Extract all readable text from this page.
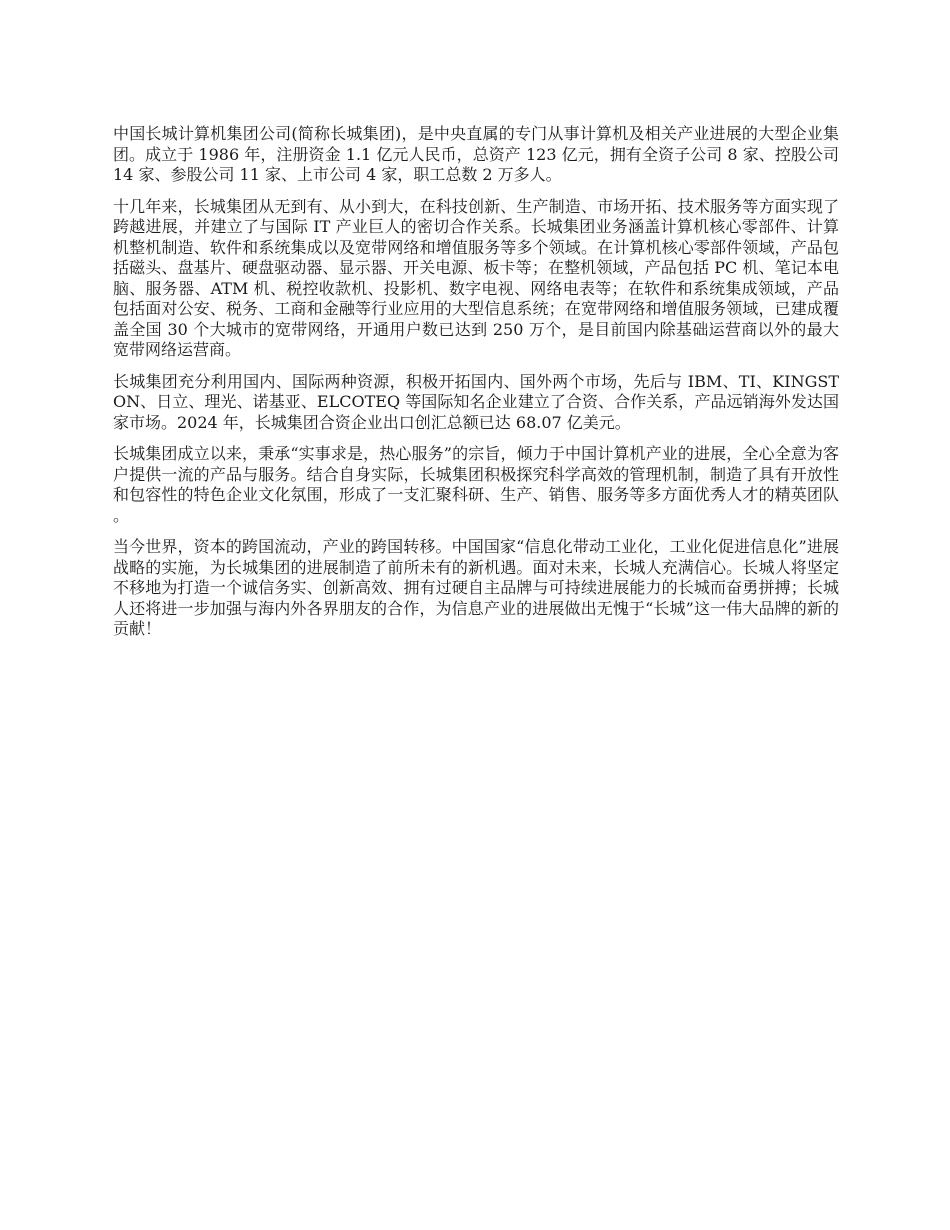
中国长城计算机集团公司(简称长城集团)，是中央直属的专门从事计算机及相关产业进展的大型企业集团。成立于 1986 年，注册资金 1.1 亿元人民币，总资产 123 亿元，拥有全资子公司 8 家、控股公司 14 家、参股公司 11 家、上市公司 4 家，职工总数 2 万多人。

十几年来，长城集团从无到有、从小到大，在科技创新、生产制造、市场开拓、技术服务等方面实现了跨越进展，并建立了与国际 IT 产业巨人的密切合作关系。长城集团业务涵盖计算机核心零部件、计算机整机制造、软件和系统集成以及宽带网络和增值服务等多个领域。在计算机核心零部件领域，产品包括磁头、盘基片、硬盘驱动器、显示器、开关电源、板卡等；在整机领域，产品包括 PC 机、笔记本电脑、服务器、ATM 机、税控收款机、投影机、数字电视、网络电表等；在软件和系统集成领域，产品包括面对公安、税务、工商和金融等行业应用的大型信息系统；在宽带网络和增值服务领域，已建成覆盖全国 30 个大城市的宽带网络，开通用户数已达到 250 万个，是目前国内除基础运营商以外的最大宽带网络运营商。

长城集团充分利用国内、国际两种资源，积极开拓国内、国外两个市场，先后与 IBM、TI、KINGSTON、日立、理光、诺基亚、ELCOTEQ 等国际知名企业建立了合资、合作关系，产品远销海外发达国家市场。2024 年，长城集团合资企业出口创汇总额已达 68.07 亿美元。

长城集团成立以来，秉承“实事求是，热心服务”的宗旨，倾力于中国计算机产业的进展，全心全意为客户提供一流的产品与服务。结合自身实际，长城集团积极探究科学高效的管理机制，制造了具有开放性和包容性的特色企业文化氛围，形成了一支汇聚科研、生产、销售、服务等多方面优秀人才的精英团队。

当今世界，资本的跨国流动，产业的跨国转移。中国国家“信息化带动工业化，工业化促进信息化”进展战略的实施，为长城集团的进展制造了前所未有的新机遇。面对未来，长城人充满信心。长城人将坚定不移地为打造一个诚信务实、创新高效、拥有过硬自主品牌与可持续进展能力的长城而奋勇拼搏；长城人还将进一步加强与海内外各界朋友的合作，为信息产业的进展做出无愧于“长城”这一伟大品牌的新的贡献！
